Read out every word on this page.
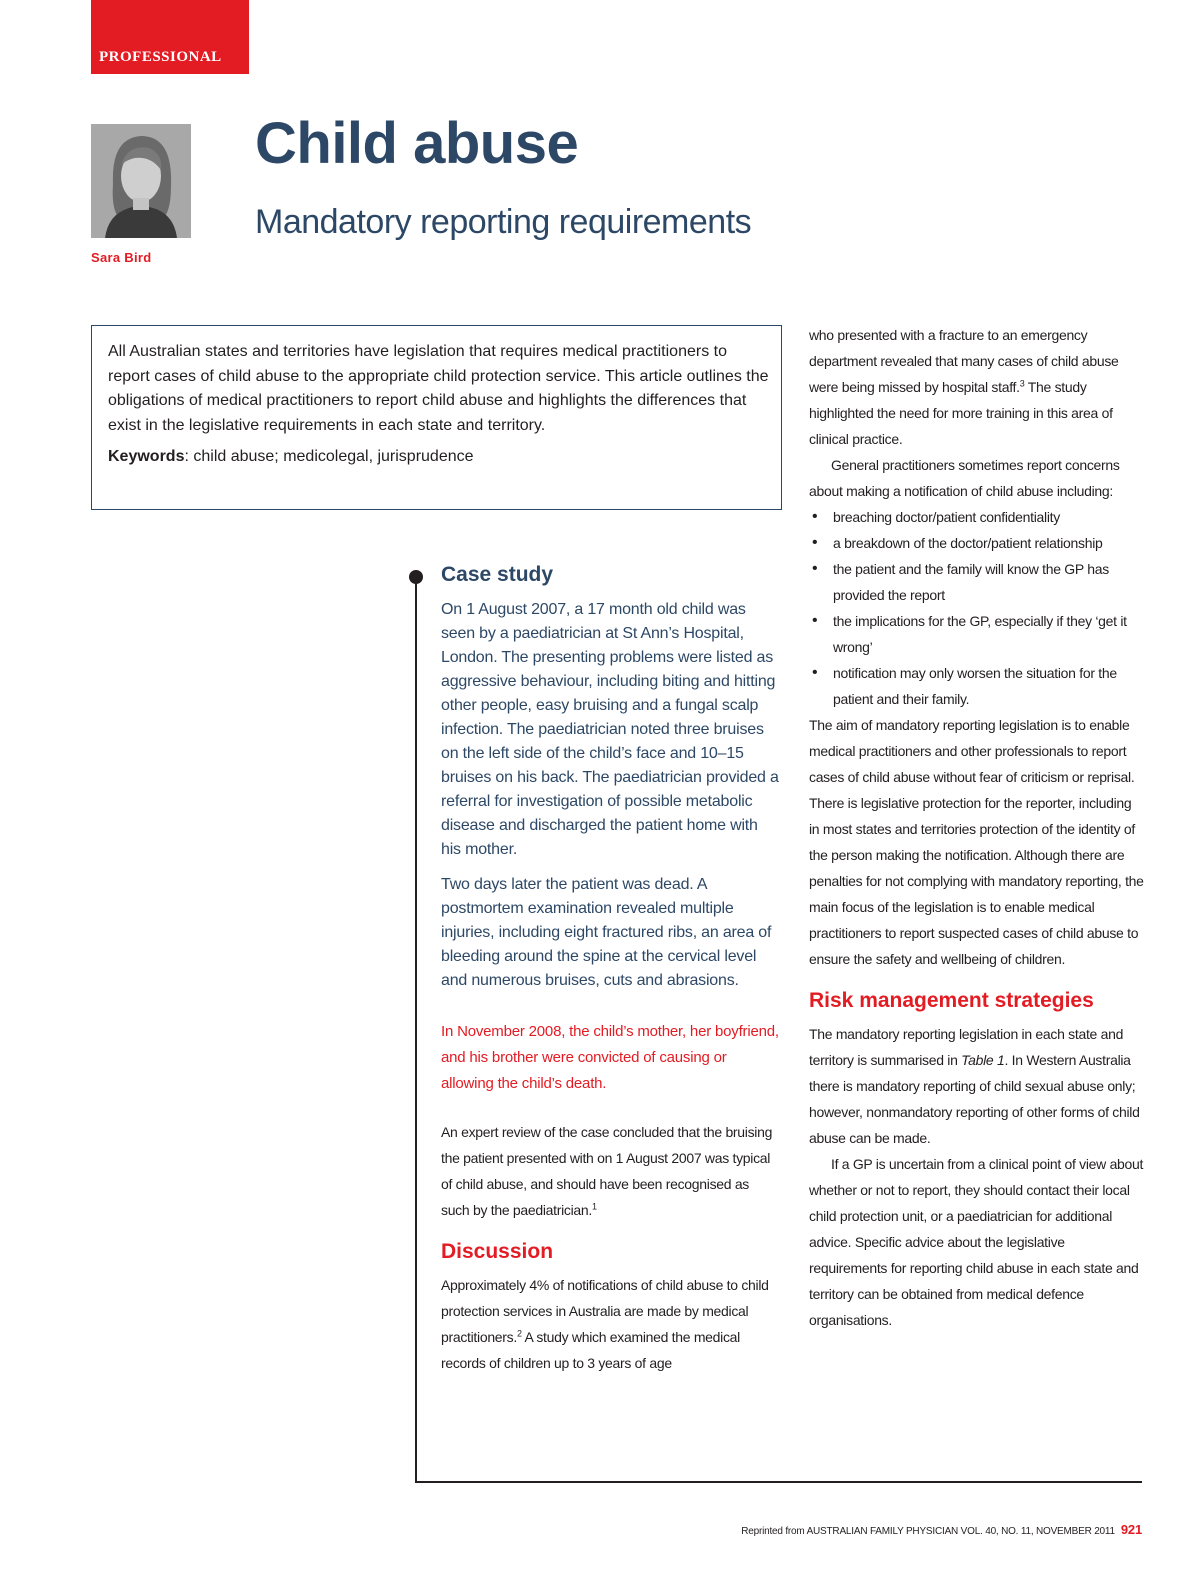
PROFESSIONAL
Sara Bird
Child abuse
Mandatory reporting requirements

All Australian states and territories have legislation that requires medical practitioners to report cases of child abuse to the appropriate child protection service. This article outlines the obligations of medical practitioners to report child abuse and highlights the differences that exist in the legislative requirements in each state and territory.

Keywords: child abuse; medicolegal, jurisprudence

Case study

On 1 August 2007, a 17 month old child was seen by a paediatrician at St Ann’s Hospital, London. The presenting problems were listed as aggressive behaviour, including biting and hitting other people, easy bruising and a fungal scalp infection. The paediatrician noted three bruises on the left side of the child’s face and 10–15 bruises on his back. The paediatrician provided a referral for investigation of possible metabolic disease and discharged the patient home with his mother.

Two days later the patient was dead. A postmortem examination revealed multiple injuries, including eight fractured ribs, an area of bleeding around the spine at the cervical level and numerous bruises, cuts and abrasions.

In November 2008, the child’s mother, her boyfriend, and his brother were convicted of causing or allowing the child’s death.

An expert review of the case concluded that the bruising the patient presented with on 1 August 2007 was typical of child abuse, and should have been recognised as such by the paediatrician.$^1$

Discussion

Approximately 4% of notifications of child abuse to child protection services in Australia are made by medical practitioners.$^2$ A study which examined the medical records of children up to 3 years of age

who presented with a fracture to an emergency department revealed that many cases of child abuse were being missed by hospital staff.$^3$ The study highlighted the need for more training in this area of clinical practice.

General practitioners sometimes report concerns about making a notification of child abuse including:

• breaching doctor/patient confidentiality
• a breakdown of the doctor/patient relationship
• the patient and the family will know the GP has provided the report
• the implications for the GP, especially if they ‘get it wrong’
• notification may only worsen the situation for the patient and their family.

The aim of mandatory reporting legislation is to enable medical practitioners and other professionals to report cases of child abuse without fear of criticism or reprisal. There is legislative protection for the reporter, including in most states and territories protection of the identity of the person making the notification. Although there are penalties for not complying with mandatory reporting, the main focus of the legislation is to enable medical practitioners to report suspected cases of child abuse to ensure the safety and wellbeing of children.

Risk management strategies

The mandatory reporting legislation in each state and territory is summarised in Table 1. In Western Australia there is mandatory reporting of child sexual abuse only; however, nonmandatory reporting of other forms of child abuse can be made.

If a GP is uncertain from a clinical point of view about whether or not to report, they should contact their local child protection unit, or a paediatrician for additional advice. Specific advice about the legislative requirements for reporting child abuse in each state and territory can be obtained from medical defence organisations.

Reprinted from AUSTRALIAN FAMILY PHYSICIAN VOL. 40, NO. 11, NOVEMBER 2011 921
